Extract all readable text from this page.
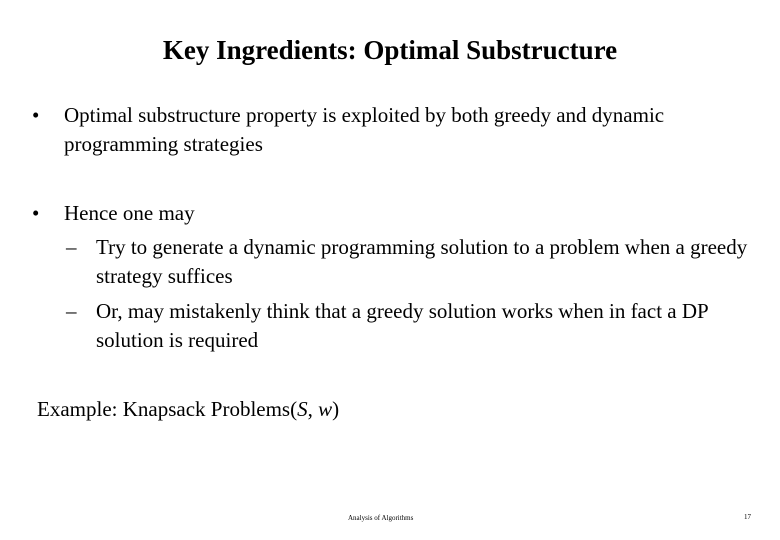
Key Ingredients: Optimal Substructure
• Optimal substructure property is exploited by both greedy and dynamic programming strategies
• Hence one may
– Try to generate a dynamic programming solution to a problem when a greedy strategy suffices
– Or, may mistakenly think that a greedy solution works when in fact a DP solution is required
Example: Knapsack Problems(S, w)
Analysis of Algorithms	17
